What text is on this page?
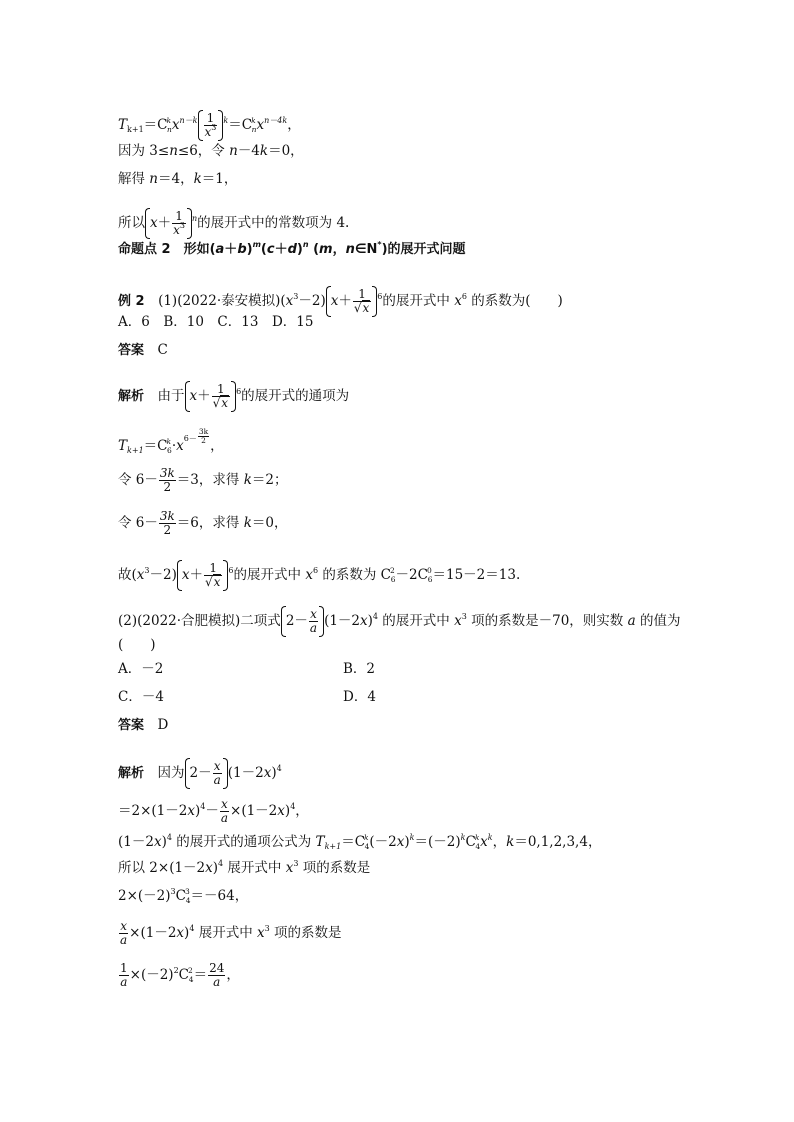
$T_{k+1}=C^k_nx^{n-k} \frac{1}{x^3} ^k=C^k_nx^{n-4k}$，
因为 3≤n≤6，令 n－4k＝0，
解得 n＝4，k＝1，
所以 $x+ \frac{1}{x^3} ^n$的展开式中的常数项为 4.
命题点 2　形如$(a+b)^m(c+d)^n$ (m，n∈N*)的展开式问题
例 2　(1)(2022·泰安模拟)$(x^3-2)$ $x+ \frac{1}{√x} ^6$的展开式中 $x^6$ 的系数为(　　)
A．6　B．10　C．13　D．15
答案　C
解析　由于 $x+ \frac{1}{√x} ^6$的展开式的通项为
$T_{k+1}=C^k_6\cdot x^{6- \frac{3k}{2}}$
，
令 $6- \frac{3k}{2} =3$，求得 k＝2；
令 $6- \frac{3k}{2} =6$，求得 k＝0，
故$(x^3-2)$ $x+ \frac{1}{√x} ^6$的展开式中 $x^6$ 的系数为 $C^2_6-2C^0_6=15-2=13$.
(2)(2022·合肥模拟)二项式 $2- \frac{x}{a} (1-2x)^4$ 的展开式中 $x^3$ 项的系数是－70，则实数 a 的值为
(　　)
A．－2	B．2
C．－4	D．4
答案　D
解析　因为 $2- \frac{x}{a} (1-2x)^4$
$=2\times(1-2x)^4- \frac{x}{a} \times(1-2x)^4$，
$(1-2x)^4$ 的展开式的通项公式为 $T_{k+1}=C^k_4(-2x)^k=(-2)^kC^k_4x^k$，k＝0,1,2,3,4，
所以 $2\times(1-2x)^4$ 展开式中 $x^3$ 项的系数是
$2\times(-2)^3C^3_4=-64$，
$\frac{x}{a} \times(1-2x)^4$ 展开式中 $x^3$ 项的系数是
$\frac{1}{a} \times(-2)^2C^2_4= \frac{24}{a}$ ，
